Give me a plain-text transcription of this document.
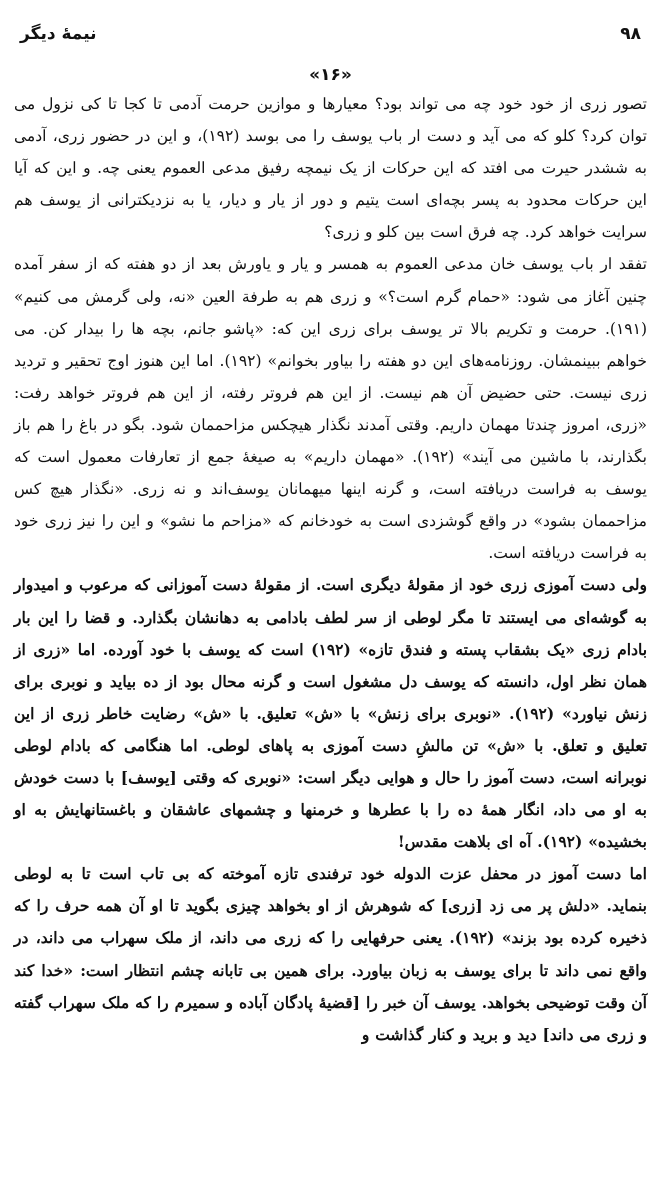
۹۸
نیمهٔ دیگر
«۱۶»

تصور زری از خود خود چه می تواند بود؟ معیارها و موازین حرمت آدمی تا کجا تا کی نزول می توان کرد؟ کلو که می آید و دست ار باب یوسف را می بوسد (۱۹۲)، و این در حضور زری، آدمی به ششدر حیرت می افتد که این حرکات از یک نیمچه رفیق مدعی العموم یعنی چه. و این که آیا این حرکات محدود به پسر بچه‌ای است یتیم و دور از یار و دیار، یا به نزدیکترانی از یوسف هم سرایت خواهد کرد. چه فرق است بین کلو و زری؟

تفقد ار باب یوسف خان مدعی العموم به همسر و یار و یاورش بعد از دو هفته که از سفر آمده چنین آغاز می شود: «حمام گرم است؟» و زری هم به طرفة العین «نه، ولی گرمش می کنیم» (۱۹۱). حرمت و تکریم بالا تر یوسف برای زری این که: «پاشو جانم، بچه ها را بیدار کن. می خواهم ببینمشان. روزنامه‌های این دو هفته را بیاور بخوانم» (۱۹۲). اما این هنوز اوج تحقیر و تردید زری نیست. حتی حضیض آن هم نیست. از این هم فروتر رفته، از این هم فروتر خواهد رفت: «زری، امروز چندتا مهمان داریم. وقتی آمدند نگذار هیچکس مزاحممان شود. بگو در باغ را هم باز بگذارند، با ماشین می آیند» (۱۹۲). «مهمان داریم» به صیغهٔ جمع از تعارفات معمول است که یوسف به فراست دریافته است، و گرنه اینها میهمانان یوسف‌اند و نه زری. «نگذار هیچ کس مزاحممان بشود» در واقع گوشزدی است به خودخانم که «مزاحم ما نشو» و این را نیز زری خود به فراست دریافته است.

ولی دست آموزی زری خود از مقولهٔ دیگری است. از مقولهٔ دست آموزانی که مرعوب و امیدوار به گوشه‌ای می ایستند تا مگر لوطی از سر لطف بادامی به دهانشان بگذارد. و قضا را این بار بادام زری «یک بشقاب پسته و فندق تازه» (۱۹۲) است که یوسف با خود آورده. اما «زری از همان نظر اول، دانسته که یوسف دل مشغول است و گرنه محال بود از ده بیاید و نوبری برای زنش نیاورد» (۱۹۲). «نوبری برای زنش» با «ش» تعلیق. با «ش» رضایت خاطر زری از این تعلیق و تعلق. با «ش» تن مالشِ دست آموزی به پاهای لوطی. اما هنگامی که بادام لوطی نوبرانه است، دست آموز را حال و هوایی دیگر است: «نوبری که وقتی [یوسف] با دست خودش به او می داد، انگار همهٔ ده را با عطرها و خرمنها و چشمهای عاشقان و باغستانهایش به او بخشیده» (۱۹۲). آه ای بلاهت مقدس!

اما دست آموز در محفل عزت الدوله خود ترفندی تازه آموخته که بی تاب است تا به لوطی بنماید. «دلش پر می زد [زری] که شوهرش از او بخواهد چیزی بگوید تا او آن همه حرف را که ذخیره کرده بود بزند» (۱۹۲). یعنی حرفهایی را که زری می داند، از ملک سهراب می داند، در واقع نمی داند تا برای یوسف به زبان بیاورد. برای همین بی تابانه چشم انتظار است: «خدا کند آن وقت توضیحی بخواهد. یوسف آن خبر را [قضیهٔ پادگان آباده و سمیرم را که ملک سهراب گفته و زری می داند] دید و برید و کنار گذاشت و
